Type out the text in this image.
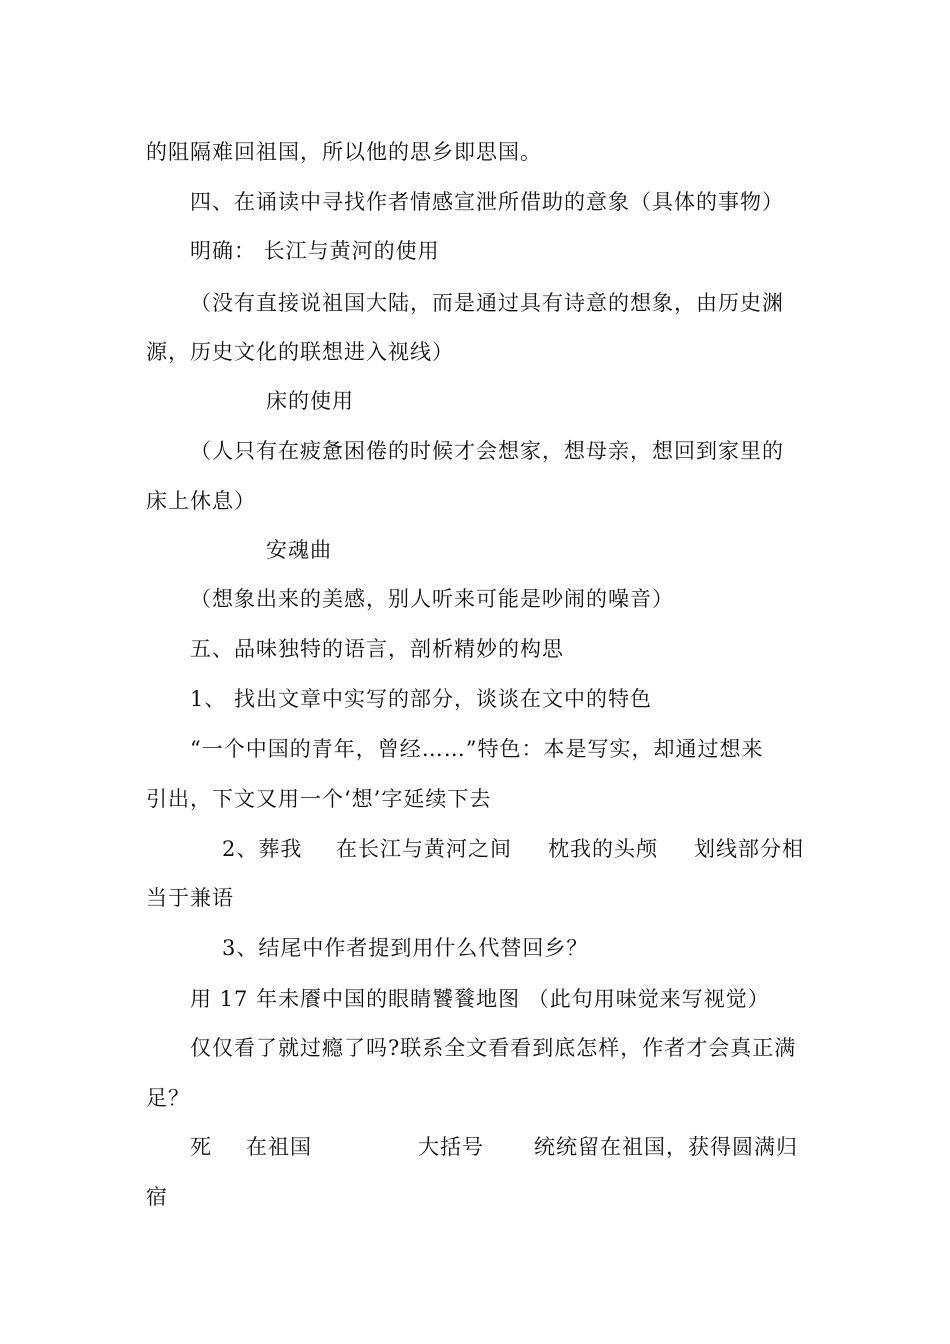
的阻隔难回祖国，所以他的思乡即思国。
四、在诵读中寻找作者情感宣泄所借助的意象（具体的事物）
明确： 长江与黄河的使用
（没有直接说祖国大陆，而是通过具有诗意的想象，由历史渊
源，历史文化的联想进入视线）
床的使用
（人只有在疲惫困倦的时候才会想家，想母亲，想回到家里的
床上休息）
安魂曲
（想象出来的美感，别人听来可能是吵闹的噪音）
五、品味独特的语言，剖析精妙的构思
1、 找出文章中实写的部分，谈谈在文中的特色
“一个中国的青年，曾经……”特色：本是写实，却通过想来
引出，下文又用一个‘想’字延续下去
2、葬我 在长江与黄河之间 枕我的头颅 划线部分相
当于兼语
3、结尾中作者提到用什么代替回乡？
用 17 年未餍中国的眼睛饕餮地图 （此句用味觉来写视觉）
仅仅看了就过瘾了吗?联系全文看看到底怎样，作者才会真正满
足？
死 在祖国	大括号 统统留在祖国，获得圆满归
宿
